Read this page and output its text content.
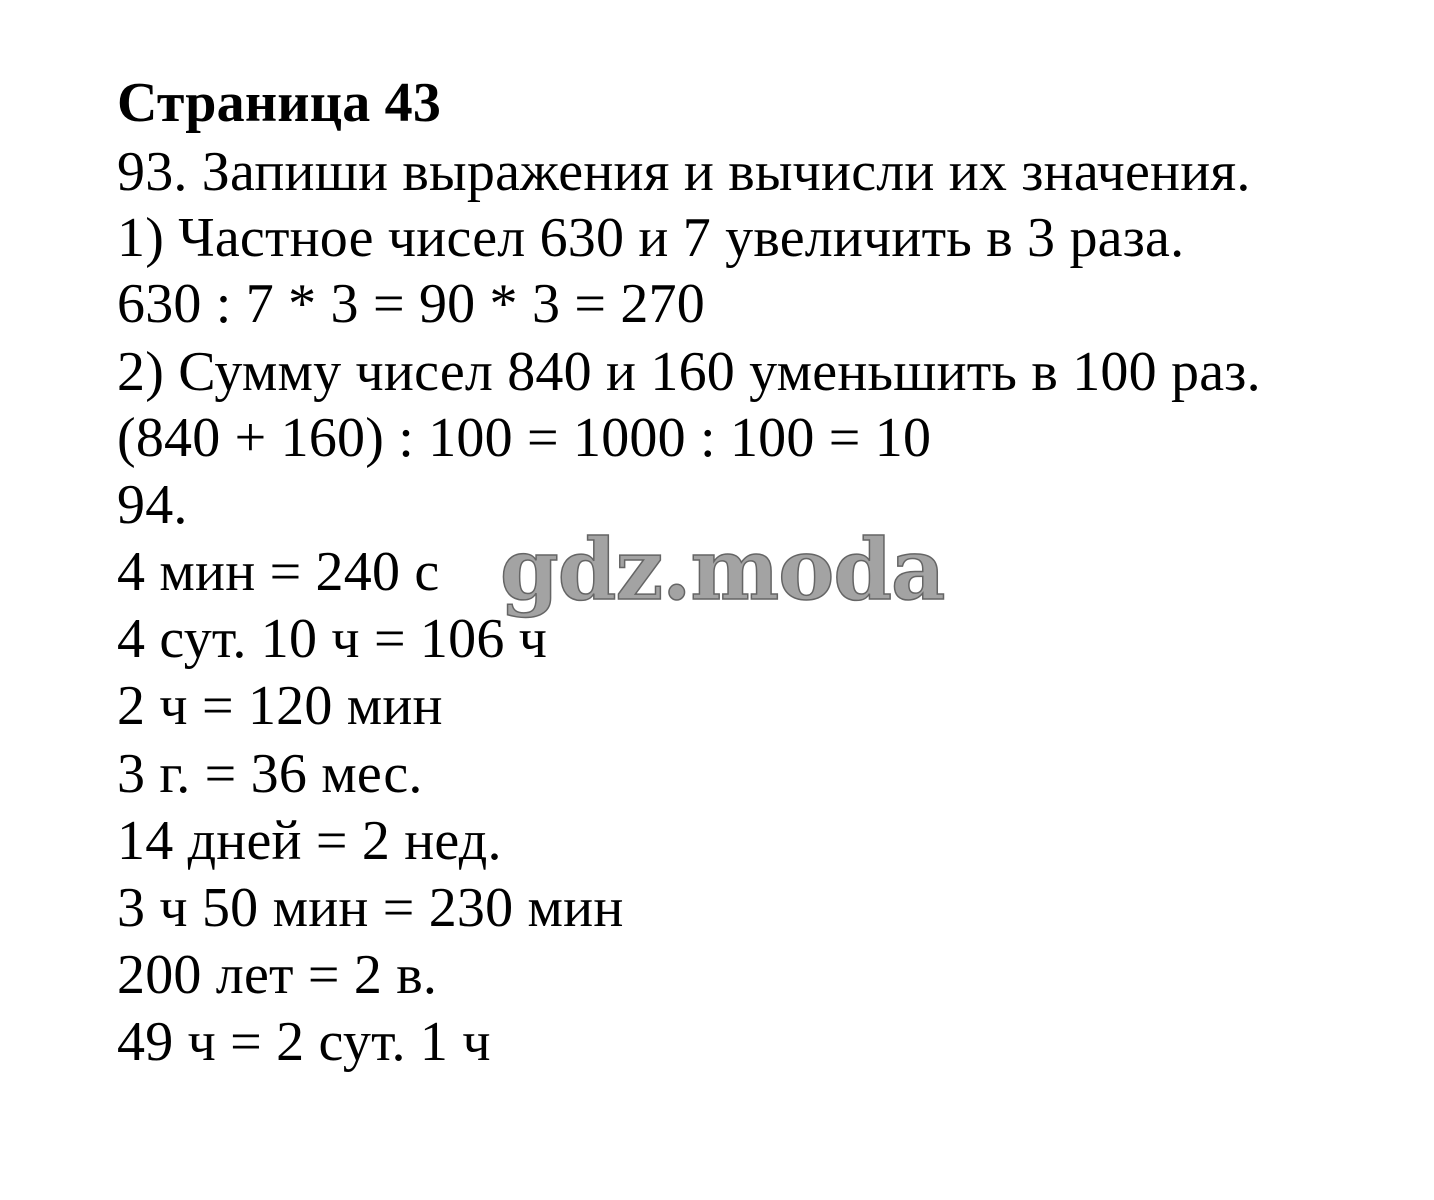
Страница 43
93. Запиши выражения и вычисли их значения.
1) Частное чисел 630 и 7 увеличить в 3 раза.
630 : 7 * 3 = 90 * 3 = 270
2) Сумму чисел 840 и 160 уменьшить в 100 раз.
(840 + 160) : 100 = 1000 : 100 = 10
94.
4 мин = 240 с
4 сут. 10 ч = 106 ч
2 ч = 120 мин
3 г. = 36 мес.
14 дней = 2 нед.
3 ч 50 мин = 230 мин
200 лет = 2 в.
49 ч = 2 сут. 1 ч
gdz.moda
